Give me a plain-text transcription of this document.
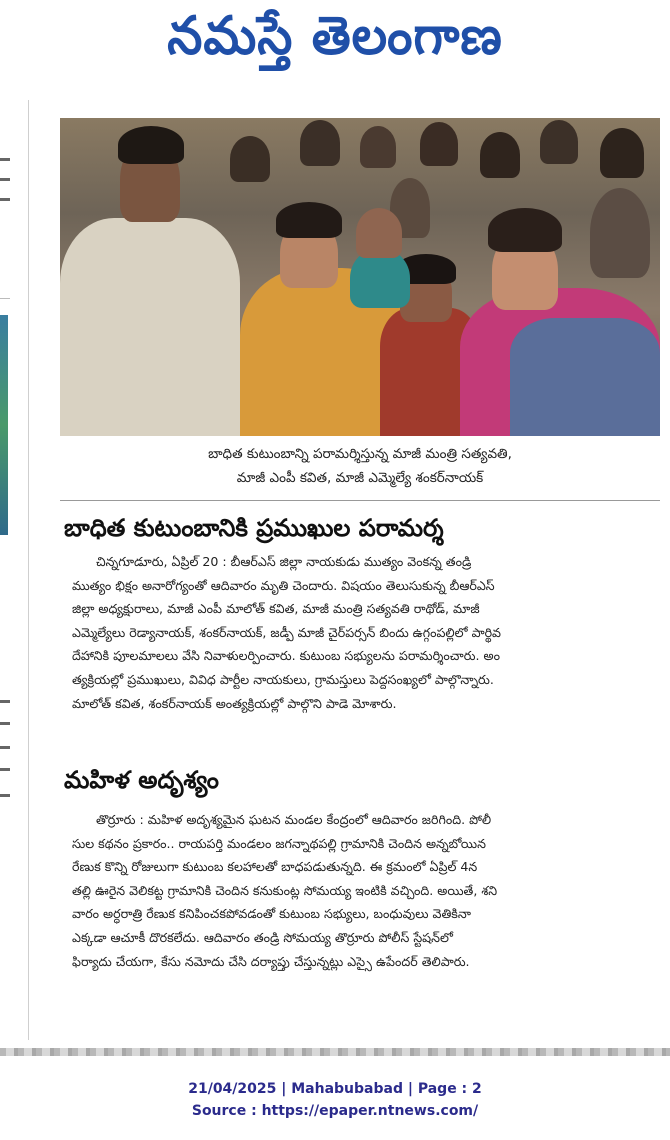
నమస్తే తెలంగాణ
బాధిత కుటుంబాన్ని పరామర్శిస్తున్న మాజీ మంత్రి సత్యవతి,
మాజీ ఎంపీ కవిత, మాజీ ఎమ్మెల్యే శంకర్‌నాయక్
బాధిత కుటుంబానికి ప్రముఖుల పరామర్శ
చిన్నగూడూరు, ఏప్రిల్ 20 : బీఆర్‌ఎస్ జిల్లా నాయకుడు ముత్యం వెంకన్న తండ్రి
ముత్యం భిక్షం అనారోగ్యంతో ఆదివారం మృతి చెందారు. విషయం తెలుసుకున్న బీఆర్‌ఎస్
జిల్లా అధ్యక్షురాలు, మాజీ ఎంపీ మాలోత్ కవిత, మాజీ మంత్రి సత్యవతి రాథోడ్, మాజీ
ఎమ్మెల్యేలు రెడ్యానాయక్, శంకర్‌నాయక్, జడ్పీ మాజీ చైర్‌పర్సన్ బిందు ఉగ్గంపల్లిలో పార్థివ
దేహానికి పూలమాలలు వేసి నివాళులర్పించారు. కుటుంబ సభ్యులను పరామర్శించారు. అం
త్యక్రియల్లో ప్రముఖులు, వివిధ పార్టీల నాయకులు, గ్రామస్తులు పెద్దసంఖ్యలో పాల్గొన్నారు.
మాలోత్ కవిత, శంకర్‌నాయక్ అంత్యక్రియల్లో పాల్గొని పాడె మోశారు.
మహిళ అదృశ్యం
తొర్రూరు : మహిళ అదృశ్యమైన ఘటన మండల కేంద్రంలో ఆదివారం జరిగింది. పోలీ
సుల కథనం ప్రకారం.. రాయపర్తి మండలం జగన్నాథపల్లి గ్రామానికి చెందిన అన్నబోయిన
రేణుక కొన్ని రోజులుగా కుటుంబ కలహాలతో బాధపడుతున్నది. ఈ క్రమంలో ఏప్రిల్ 4న
తల్లి ఊరైన వెలికట్ట గ్రామానికి చెందిన కనుకుంట్ల సోమయ్య ఇంటికి వచ్చింది. అయితే, శని
వారం అర్ధరాత్రి రేణుక కనిపించకపోవడంతో కుటుంబ సభ్యులు, బంధువులు వెతికినా
ఎక్కడా ఆచూకీ దొరకలేదు. ఆదివారం తండ్రి సోమయ్య తొర్రూరు పోలీస్ స్టేషన్‌లో
ఫిర్యాదు చేయగా, కేసు నమోదు చేసి దర్యాప్తు చేస్తున్నట్లు ఎస్సై ఉపేందర్ తెలిపారు.
21/04/2025 | Mahabubabad | Page : 2
Source : https://epaper.ntnews.com/
